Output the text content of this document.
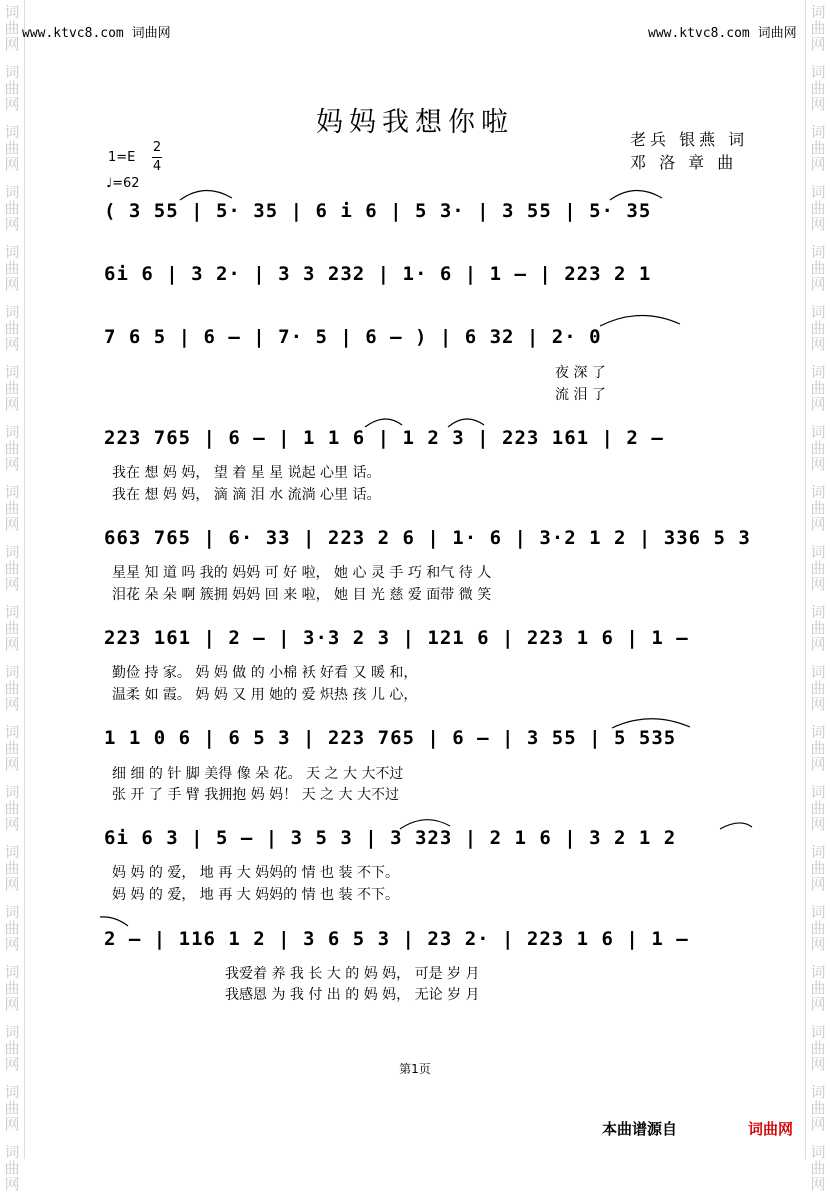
词
曲
网
词
曲
网
词
曲
网
词
曲
网
词
曲
网
词
曲
网
词
曲
网
词
曲
网
词
曲
网
词
曲
网
词
曲
网
词
曲
网
词
曲
网
词
曲
网
词
曲
网
词
曲
网
词
曲
网
词
曲
网
词
曲
网
词
曲
网
词
曲
网
词
曲
网
词
曲
网
词
曲
网
词
曲
网
词
曲
网
词
曲
网
词
曲
网
词
曲
网
词
曲
网
词
曲
网
词
曲
网
词
曲
网
词
曲
网
词
曲
网
词
曲
网
词
曲
网
词
曲
网
词
曲
网
词
曲
网
www.ktvc8.com 词曲网	www.ktvc8.com 词曲网
妈妈我想你啦
老兵 银燕 词
邓 洛 章 曲
1=E
2
4
♩=62
( 3 55 | 5· 35 | 6 i 6 | 5 3· | 3 55 | 5· 35
6i 6 | 3 2· | 3 3 232 | 1· 6 | 1 – | 223 2 1
7 6 5 | 6 – | 7· 5 | 6 – ) | 6 32 | 2· 0
夜 深 了
流 泪 了
223 765 | 6 – | 1 1 6 | 1 2 3 | 223 161 | 2 –
我在 想 妈 妈， 望 着 星 星 说起 心里 话。
我在 想 妈 妈， 滴 滴 泪 水 流淌 心里 话。
663 765 | 6· 33 | 223 2 6 | 1· 6 | 3·2 1 2 | 336 5 3
星星 知 道 吗 我的 妈妈 可 好 啦， 她 心 灵 手 巧 和气 待 人
泪花 朵 朵 啊 簇拥 妈妈 回 来 啦， 她 目 光 慈 爱 面带 微 笑
223 161 | 2 – | 3·3 2 3 | 121 6 | 223 1 6 | 1 –
勤俭 持 家。 妈 妈 做 的 小棉 袄 好看 又 暖 和，
温柔 如 霞。 妈 妈 又 用 她的 爱 炽热 孩 儿 心，
1 1 0 6 | 6 5 3 | 223 765 | 6 – | 3 55 | 5 535
细 细 的 针 脚 美得 像 朵 花。 天 之 大 大不过
张 开 了 手 臂 我拥抱 妈 妈！ 天 之 大 大不过
6i 6 3 | 5 – | 3 5 3 | 3 323 | 2 1 6 | 3 2 1 2
妈 妈 的 爱， 地 再 大 妈妈的 情 也 装 不下。
妈 妈 的 爱， 地 再 大 妈妈的 情 也 装 不下。
2 – | 116 1 2 | 3 6 5 3 | 23 2· | 223 1 6 | 1 –
我爱着 养 我 长 大 的 妈 妈， 可是 岁 月
我感恩 为 我 付 出 的 妈 妈， 无论 岁 月
第1页
本曲谱源自	词曲网
